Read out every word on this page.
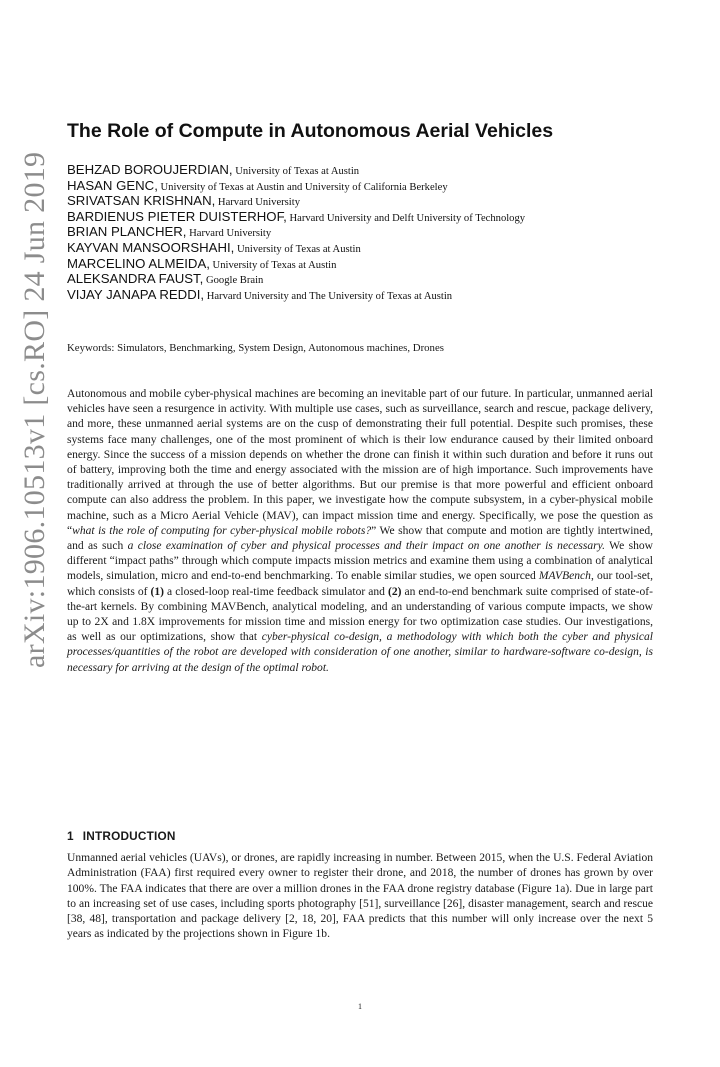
arXiv:1906.10513v1 [cs.RO] 24 Jun 2019
The Role of Compute in Autonomous Aerial Vehicles
BEHZAD BOROUJERDIAN, University of Texas at Austin
HASAN GENC, University of Texas at Austin and University of California Berkeley
SRIVATSAN KRISHNAN, Harvard University
BARDIENUS PIETER DUISTERHOF, Harvard University and Delft University of Technology
BRIAN PLANCHER, Harvard University
KAYVAN MANSOORSHAHI, University of Texas at Austin
MARCELINO ALMEIDA, University of Texas at Austin
ALEKSANDRA FAUST, Google Brain
VIJAY JANAPA REDDI, Harvard University and The University of Texas at Austin
Keywords: Simulators, Benchmarking, System Design, Autonomous machines, Drones
Autonomous and mobile cyber-physical machines are becoming an inevitable part of our future. In particular, unmanned aerial vehicles have seen a resurgence in activity. With multiple use cases, such as surveillance, search and rescue, package delivery, and more, these unmanned aerial systems are on the cusp of demonstrating their full potential. Despite such promises, these systems face many challenges, one of the most prominent of which is their low endurance caused by their limited onboard energy. Since the success of a mission depends on whether the drone can finish it within such duration and before it runs out of battery, improving both the time and energy associated with the mission are of high importance. Such improvements have traditionally arrived at through the use of better algorithms. But our premise is that more powerful and efficient onboard compute can also address the problem. In this paper, we investigate how the compute subsystem, in a cyber-physical mobile machine, such as a Micro Aerial Vehicle (MAV), can impact mission time and energy. Specifically, we pose the question as “what is the role of computing for cyber-physical mobile robots?” We show that compute and motion are tightly intertwined, and as such a close examination of cyber and physical processes and their impact on one another is necessary. We show different “impact paths” through which compute impacts mission metrics and examine them using a combination of analytical models, simulation, micro and end-to-end benchmarking. To enable similar studies, we open sourced MAVBench, our tool-set, which consists of (1) a closed-loop real-time feedback simulator and (2) an end-to-end benchmark suite comprised of state-of-the-art kernels. By combining MAVBench, analytical modeling, and an understanding of various compute impacts, we show up to 2X and 1.8X improvements for mission time and mission energy for two optimization case studies. Our investigations, as well as our optimizations, show that cyber-physical co-design, a methodology with which both the cyber and physical processes/quantities of the robot are developed with consideration of one another, similar to hardware-software co-design, is necessary for arriving at the design of the optimal robot.
1 INTRODUCTION
Unmanned aerial vehicles (UAVs), or drones, are rapidly increasing in number. Between 2015, when the U.S. Federal Aviation Administration (FAA) first required every owner to register their drone, and 2018, the number of drones has grown by over 100%. The FAA indicates that there are over a million drones in the FAA drone registry database (Figure 1a). Due in large part to an increasing set of use cases, including sports photography [51], surveillance [26], disaster management, search and rescue [38, 48], transportation and package delivery [2, 18, 20], FAA predicts that this number will only increase over the next 5 years as indicated by the projections shown in Figure 1b.
1
